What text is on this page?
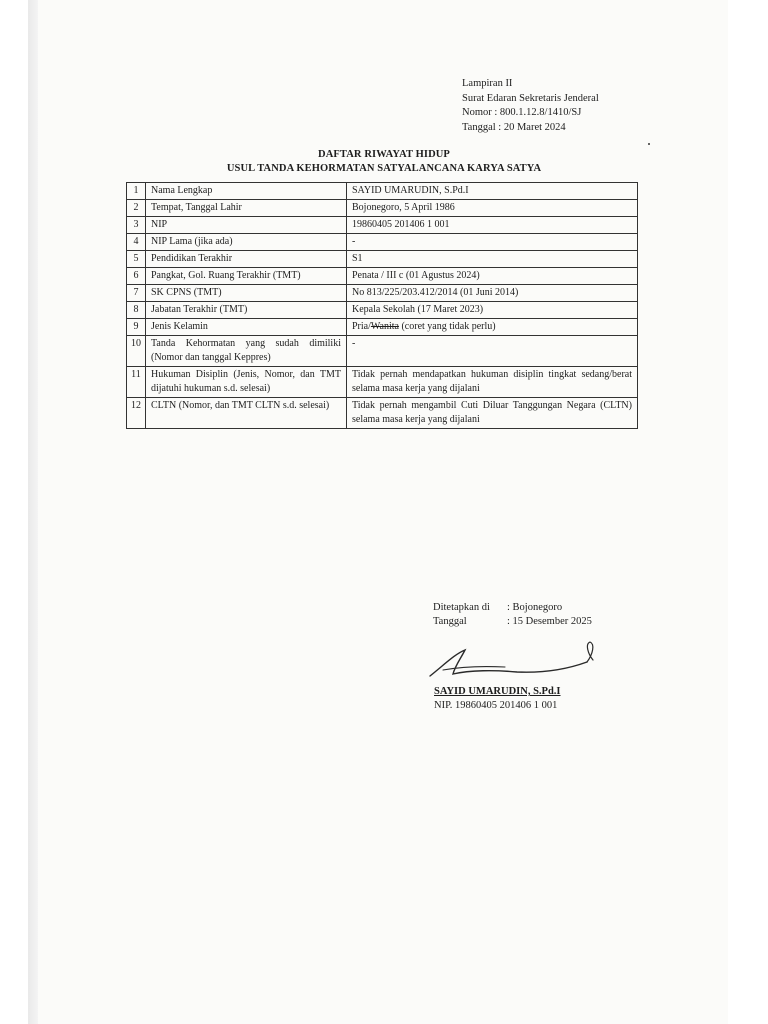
Lampiran II
Surat Edaran Sekretaris Jenderal
Nomor : 800.1.12.8/1410/SJ
Tanggal : 20 Maret 2024
DAFTAR RIWAYAT HIDUP
USUL TANDA KEHORMATAN SATYALANCANA KARYA SATYA
1	Nama Lengkap	SAYID UMARUDIN, S.Pd.I
2	Tempat, Tanggal Lahir	Bojonegoro, 5 April 1986
3	NIP	19860405 201406 1 001
4	NIP Lama (jika ada)	-
5	Pendidikan Terakhir	S1
6	Pangkat, Gol. Ruang Terakhir (TMT)	Penata / III c (01 Agustus 2024)
7	SK CPNS (TMT)	No 813/225/203.412/2014 (01 Juni 2014)
8	Jabatan Terakhir (TMT)	Kepala Sekolah (17 Maret 2023)
9	Jenis Kelamin	Pria/Wanita (coret yang tidak perlu)
10	Tanda Kehormatan yang sudah dimiliki (Nomor dan tanggal Keppres)	-
11	Hukuman Disiplin (Jenis, Nomor, dan TMT dijatuhi hukuman s.d. selesai)	Tidak pernah mendapatkan hukuman disiplin tingkat sedang/berat selama masa kerja yang dijalani
12	CLTN (Nomor, dan TMT CLTN s.d. selesai)	Tidak pernah mengambil Cuti Diluar Tanggungan Negara (CLTN) selama masa kerja yang dijalani
Ditetapkan di	: Bojonegoro
Tanggal	: 15 Desember 2025
SAYID UMARUDIN, S.Pd.I
NIP. 19860405 201406 1 001
